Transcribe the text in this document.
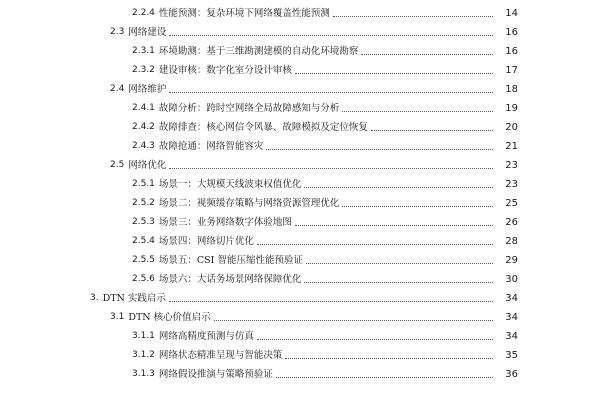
2.2.4 性能预测：复杂环境下网络覆盖性能预测	14
2.3 网络建设	16
2.3.1 环境勘测：基于三维勘测建模的自动化环境勘察	16
2.3.2 建设审核：数字化室分设计审核	17
2.4 网络维护	18
2.4.1 故障分析：跨时空网络全局故障感知与分析	19
2.4.2 故障排查：核心网信令风暴、故障模拟及定位恢复	20
2.4.3 故障抢通：网络智能容灾	21
2.5 网络优化	23
2.5.1 场景一：大规模天线波束权值优化	23
2.5.2 场景二：视频缓存策略与网络资源管理优化	25
2.5.3 场景三：业务网络数字体验地图	26
2.5.4 场景四：网络切片优化	28
2.5.5 场景五：CSI 智能压缩性能预验证	29
2.5.6 场景六：大话务场景网络保障优化	30
3. DTN 实践启示	34
3.1 DTN 核心价值启示	34
3.1.1 网络高精度预测与仿真	34
3.1.2 网络状态精准呈现与智能决策	35
3.1.3 网络假设推演与策略预验证	36
